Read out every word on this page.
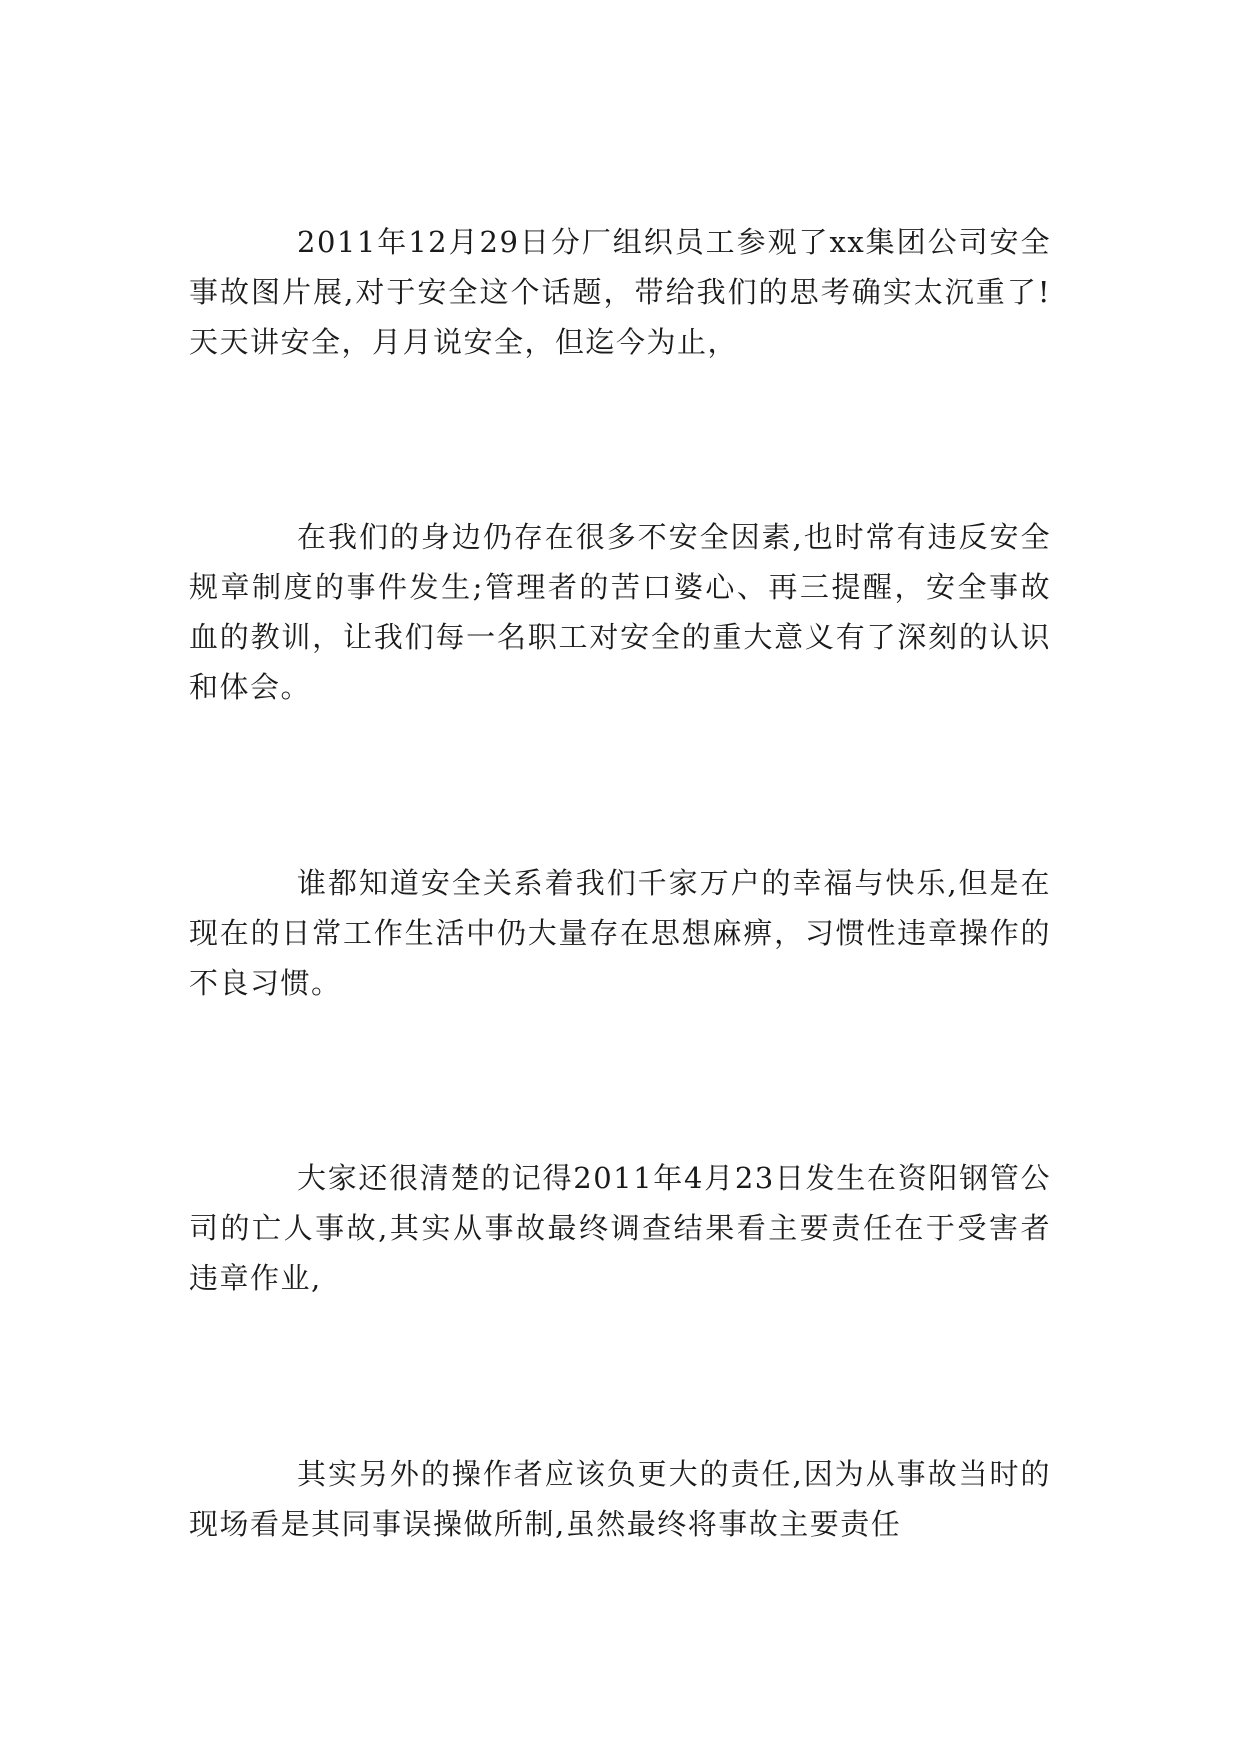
2011年12月29日分厂组织员工参观了xx集团公司安全事故图片展,对于安全这个话题，带给我们的思考确实太沉重了!天天讲安全，月月说安全，但迄今为止，

在我们的身边仍存在很多不安全因素,也时常有违反安全规章制度的事件发生;管理者的苦口婆心、再三提醒，安全事故血的教训，让我们每一名职工对安全的重大意义有了深刻的认识和体会。

谁都知道安全关系着我们千家万户的幸福与快乐,但是在现在的日常工作生活中仍大量存在思想麻痹，习惯性违章操作的不良习惯。

大家还很清楚的记得2011年4月23日发生在资阳钢管公司的亡人事故,其实从事故最终调查结果看主要责任在于受害者违章作业,

其实另外的操作者应该负更大的责任,因为从事故当时的现场看是其同事误操做所制,虽然最终将事故主要责任
